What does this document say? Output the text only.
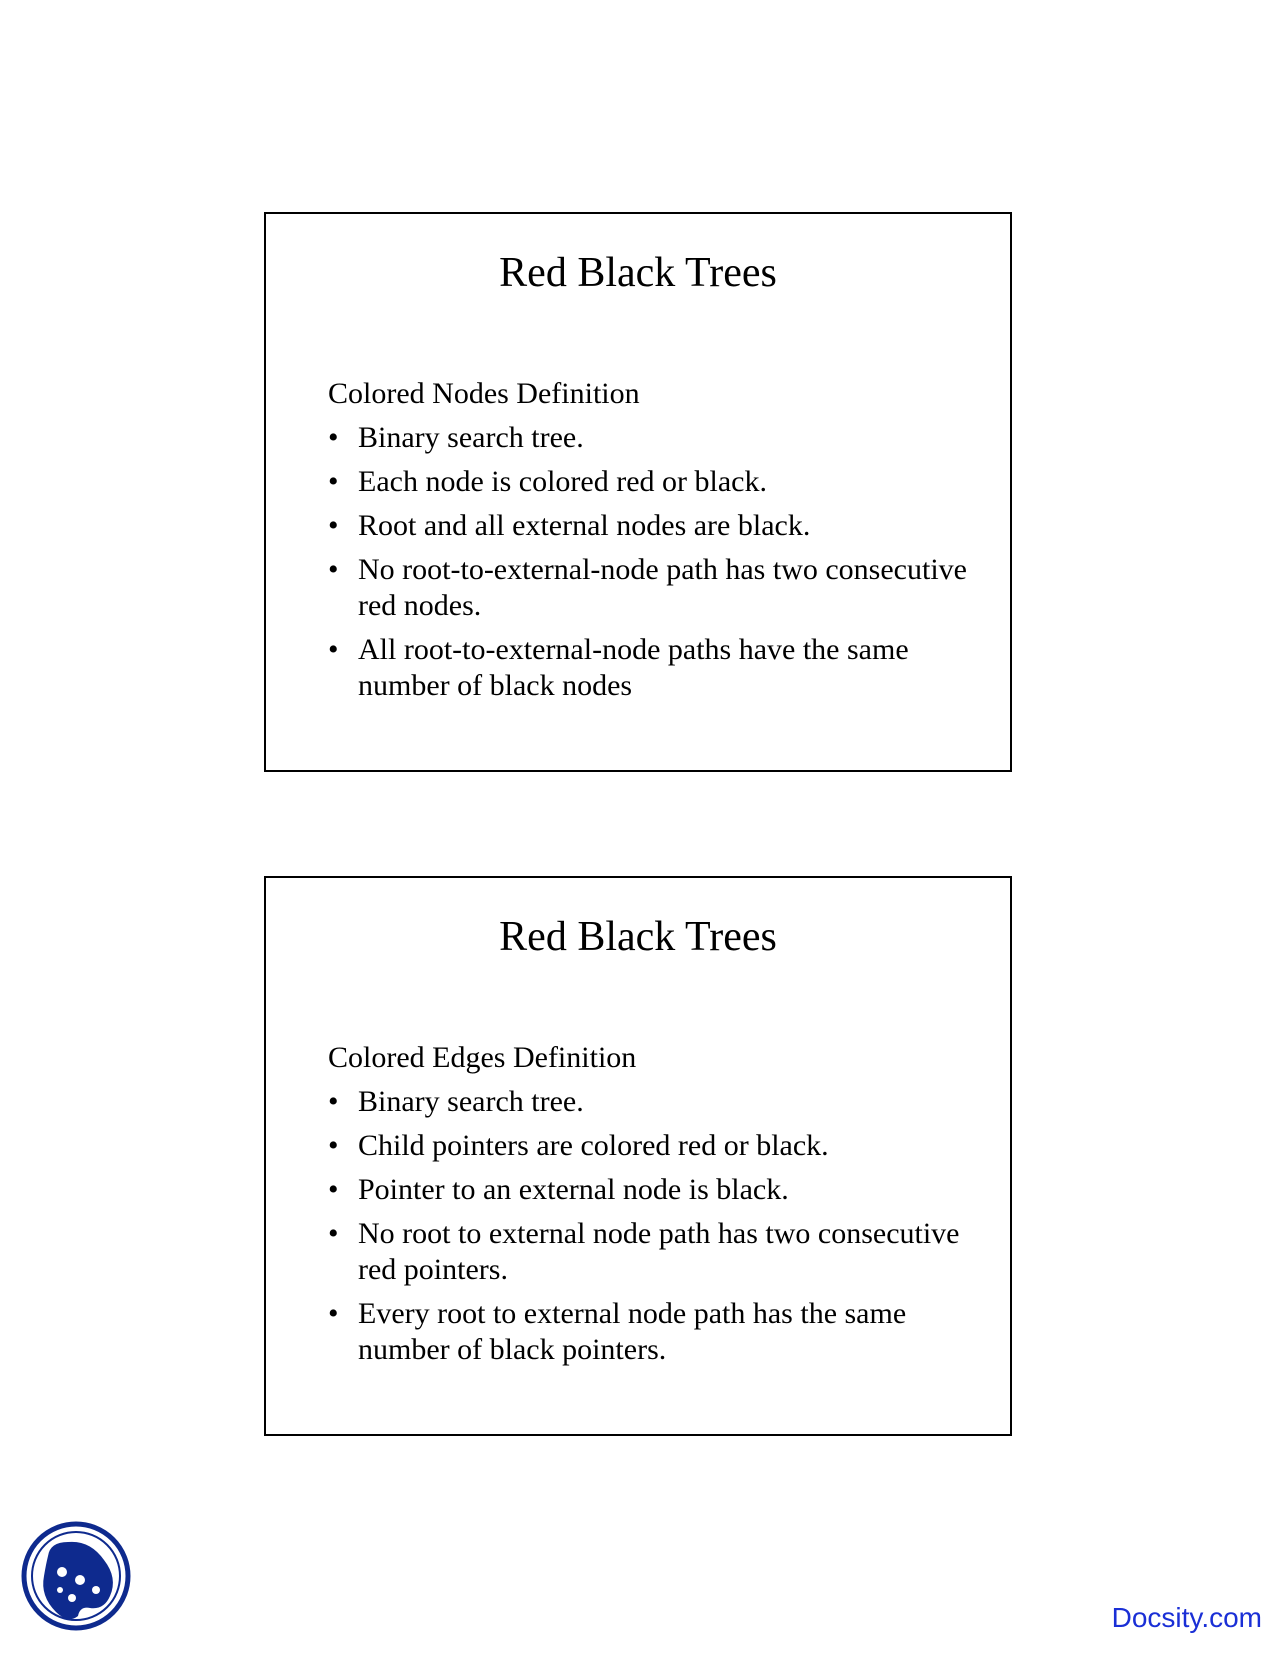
Red Black Trees
Colored Nodes Definition
• Binary search tree.
• Each node is colored red or black.
• Root and all external nodes are black.
• No root-to-external-node path has two consecutive red nodes.
• All root-to-external-node paths have the same number of black nodes
Red Black Trees
Colored Edges Definition
• Binary search tree.
• Child pointers are colored red or black.
• Pointer to an external node is black.
• No root to external node path has two consecutive red pointers.
• Every root to external node path has the same number of black pointers.
Docsity.com
